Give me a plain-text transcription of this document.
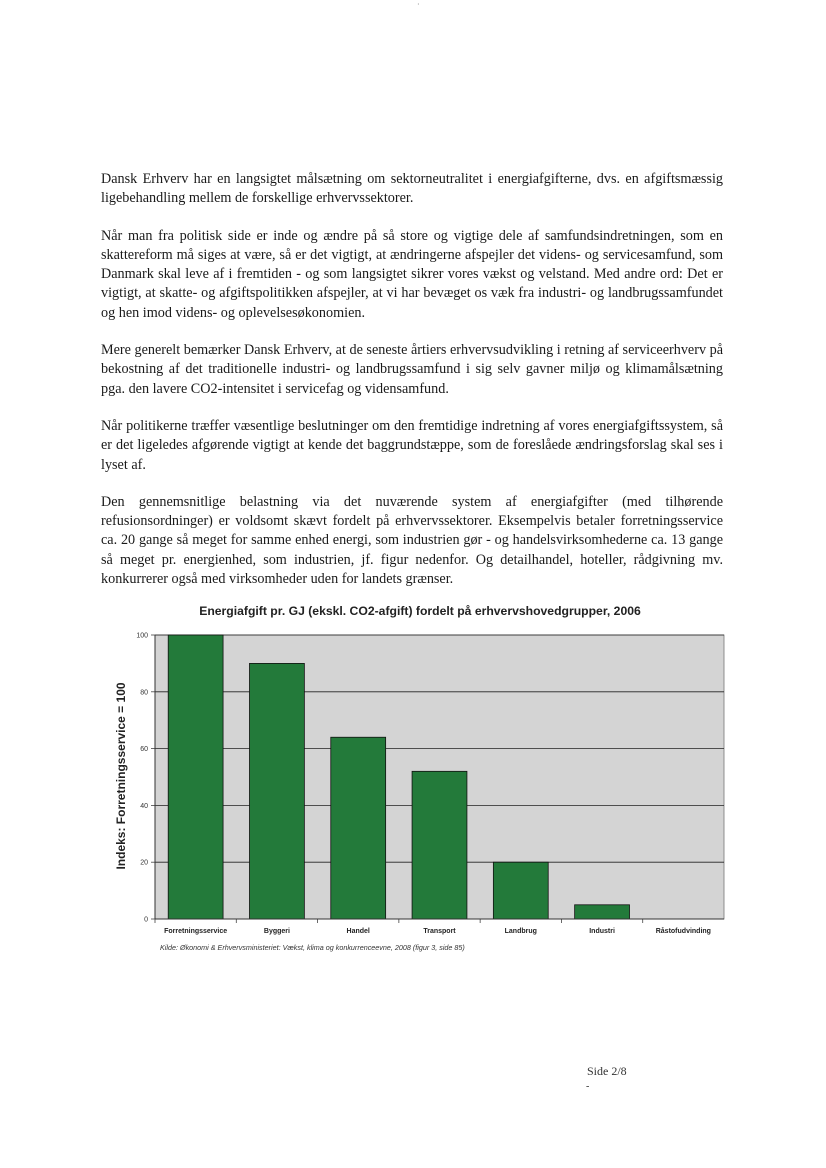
·

Dansk Erhverv har en langsigtet målsætning om sektorneutralitet i energiafgifterne, dvs. en afgiftsmæssig ligebehandling mellem de forskellige erhvervssektorer.

Når man fra politisk side er inde og ændre på så store og vigtige dele af samfundsindretningen, som en skattereform må siges at være, så er det vigtigt, at ændringerne afspejler det videns- og servicesamfund, som Danmark skal leve af i fremtiden - og som langsigtet sikrer vores vækst og velstand. Med andre ord: Det er vigtigt, at skatte- og afgiftspolitikken afspejler, at vi har bevæget os væk fra industri- og landbrugssamfundet og hen imod videns- og oplevelsesøkonomien.

Mere generelt bemærker Dansk Erhverv, at de seneste årtiers erhvervsudvikling i retning af serviceerhverv på bekostning af det traditionelle industri- og landbrugssamfund i sig selv gavner miljø og klimamålsætning pga. den lavere CO2-intensitet i servicefag og vidensamfund.

Når politikerne træffer væsentlige beslutninger om den fremtidige indretning af vores energiafgiftssystem, så er det ligeledes afgørende vigtigt at kende det baggrundstæppe, som de foreslåede ændringsforslag skal ses i lyset af.

Den gennemsnitlige belastning via det nuværende system af energiafgifter (med tilhørende refusionsordninger) er voldsomt skævt fordelt på erhvervssektorer. Eksempelvis betaler forretningsservice ca. 20 gange så meget for samme enhed energi, som industrien gør - og handelsvirksomhederne ca. 13 gange så meget pr. energienhed, som industrien, jf. figur nedenfor. Og detailhandel, hoteller, rådgivning mv. konkurrerer også med virksomheder uden for landets grænser.

Energiafgift pr. GJ (ekskl. CO2-afgift) fordelt på erhvervshovedgrupper, 2006
Indeks: Forretningsservice = 100
0
20
40
60
80
100
Forretningsservice	Byggeri	Handel	Transport	Landbrug	Industri	Råstofudvinding
Kilde: Økonomi & Erhvervsministeriet: Vækst, klima og konkurrenceevne, 2008 (figur 3, side 85)
Side 2/8
-
